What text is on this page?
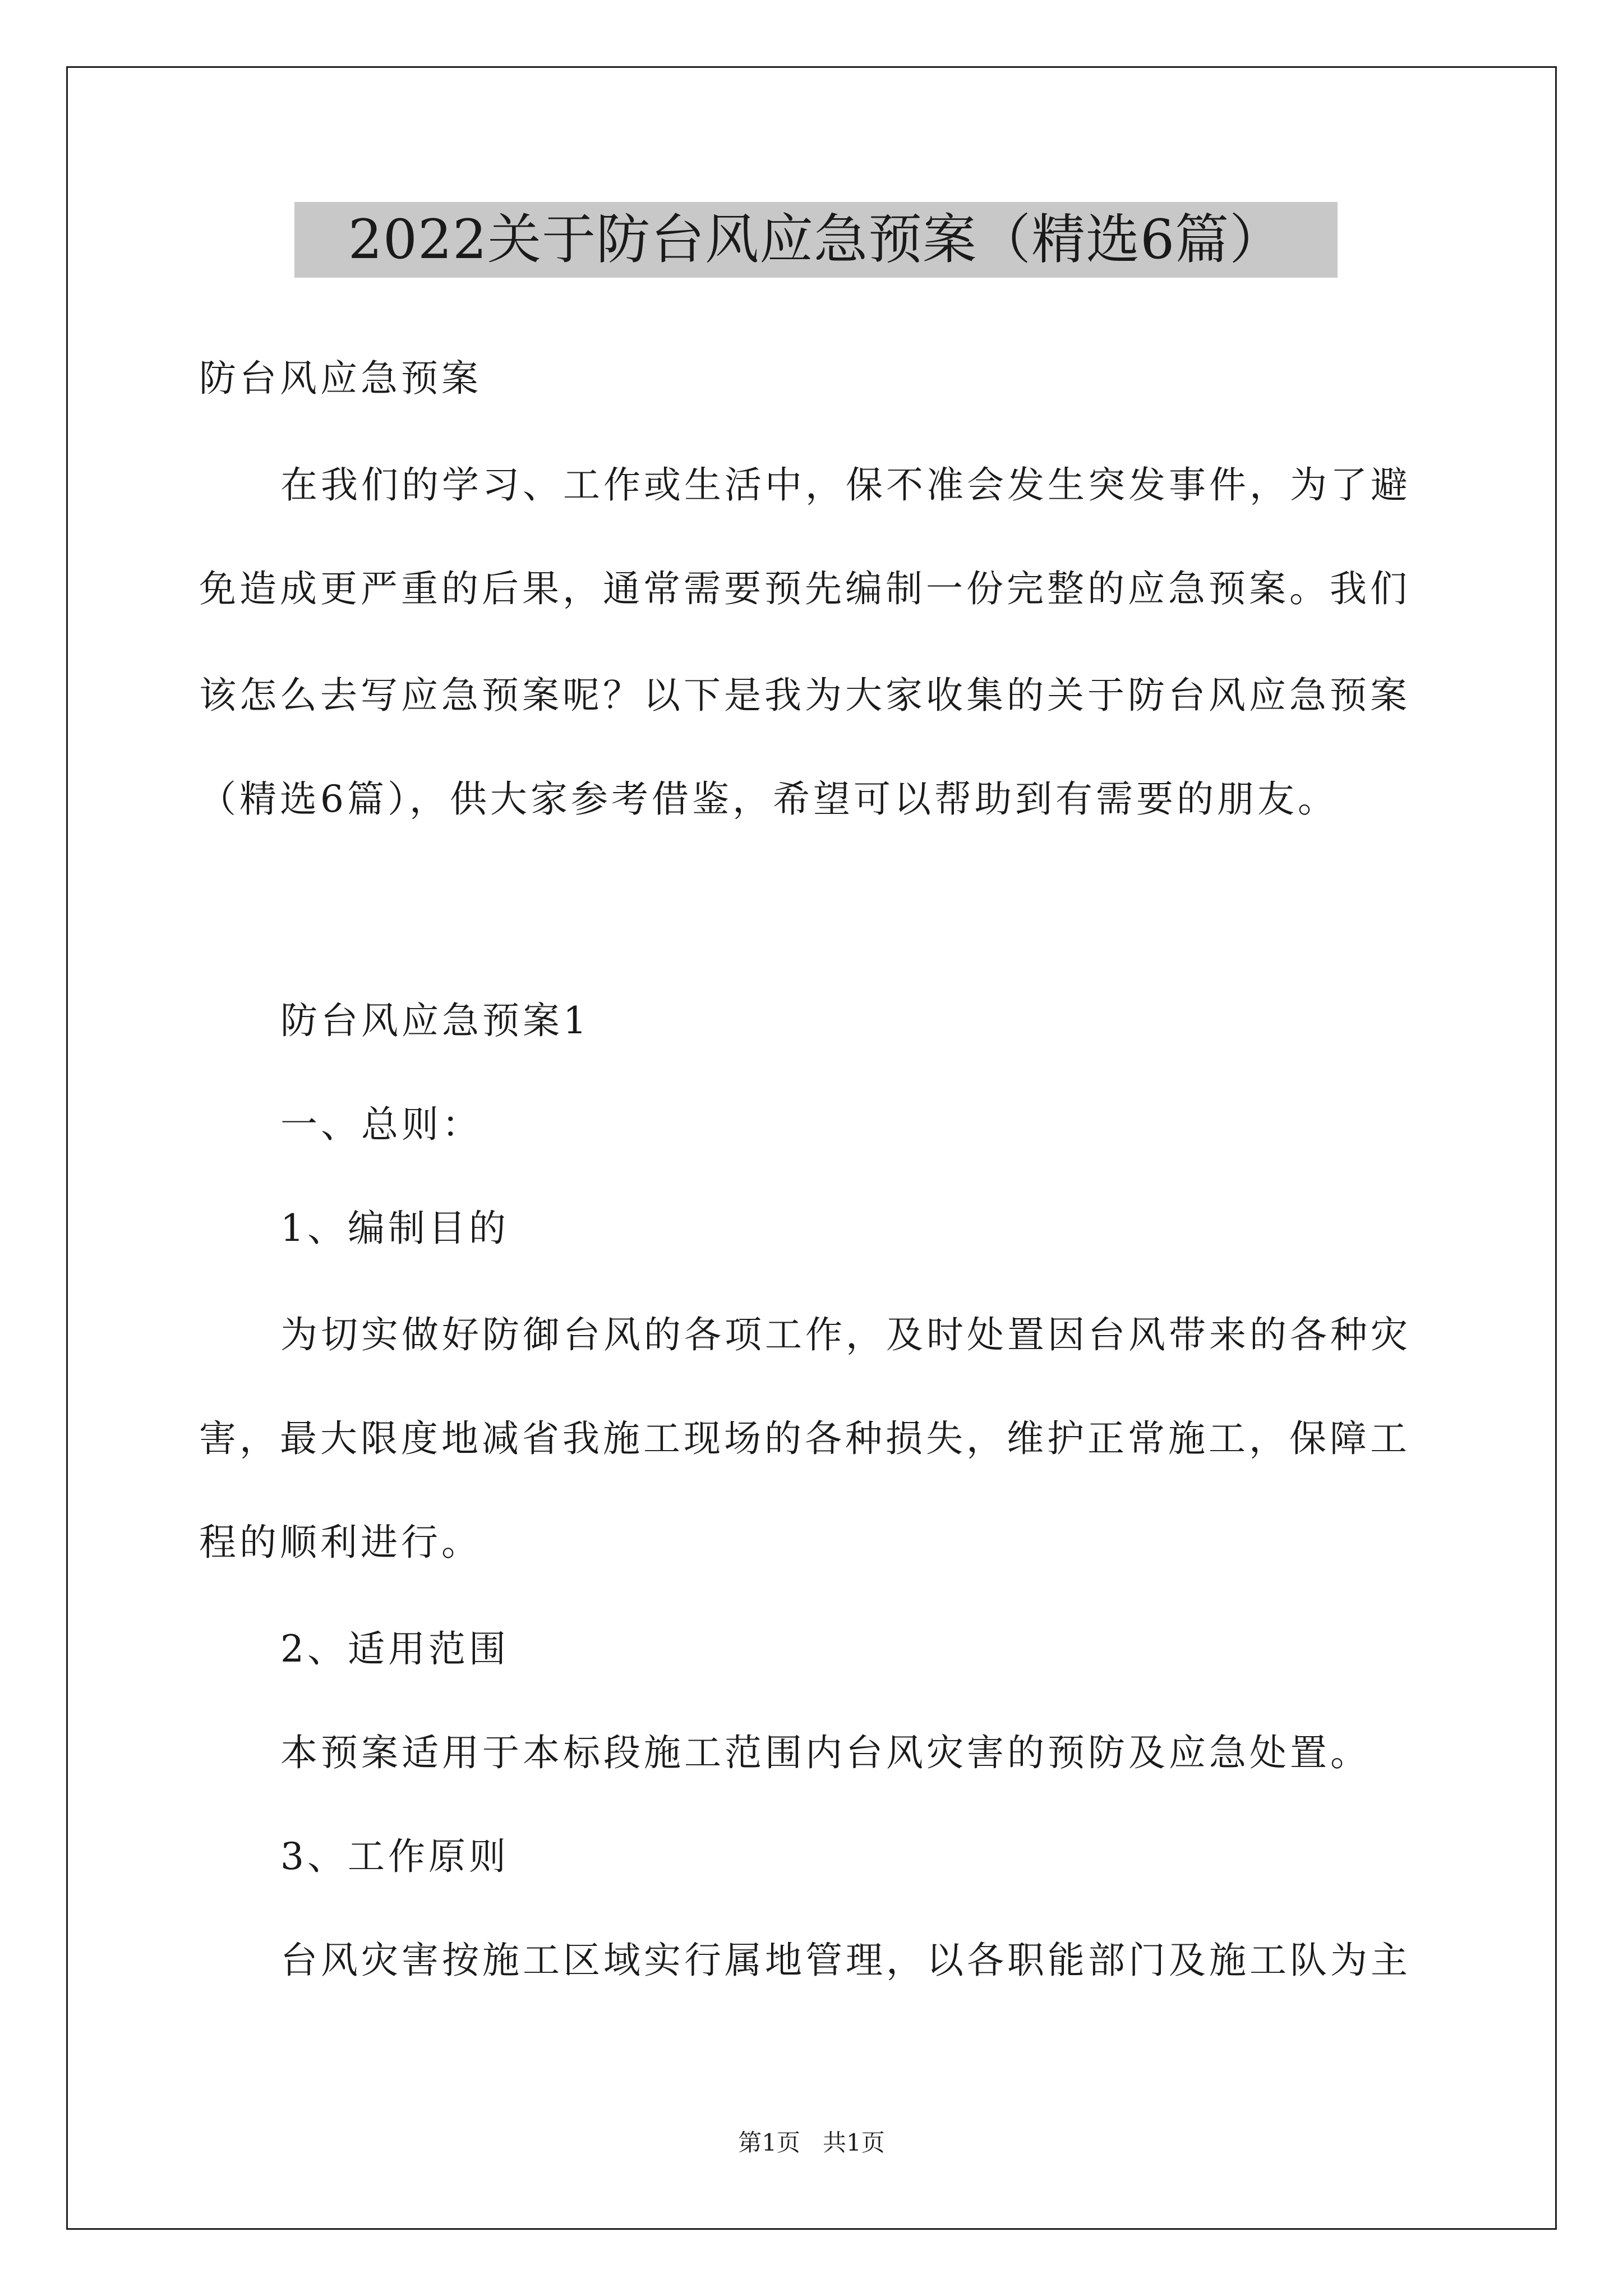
2022关于防台风应急预案（精选6篇）
防台风应急预案
在我们的学习、工作或生活中，保不准会发生突发事件，为了避
免造成更严重的后果，通常需要预先编制一份完整的应急预案。我们
该怎么去写应急预案呢？以下是我为大家收集的关于防台风应急预案
（精选6篇），供大家参考借鉴，希望可以帮助到有需要的朋友。
防台风应急预案1
一、总则：
1、编制目的
为切实做好防御台风的各项工作，及时处置因台风带来的各种灾
害，最大限度地减省我施工现场的各种损失，维护正常施工，保障工
程的顺利进行。
2、适用范围
本预案适用于本标段施工范围内台风灾害的预防及应急处置。
3、工作原则
台风灾害按施工区域实行属地管理，以各职能部门及施工队为主
第1页   共1页
